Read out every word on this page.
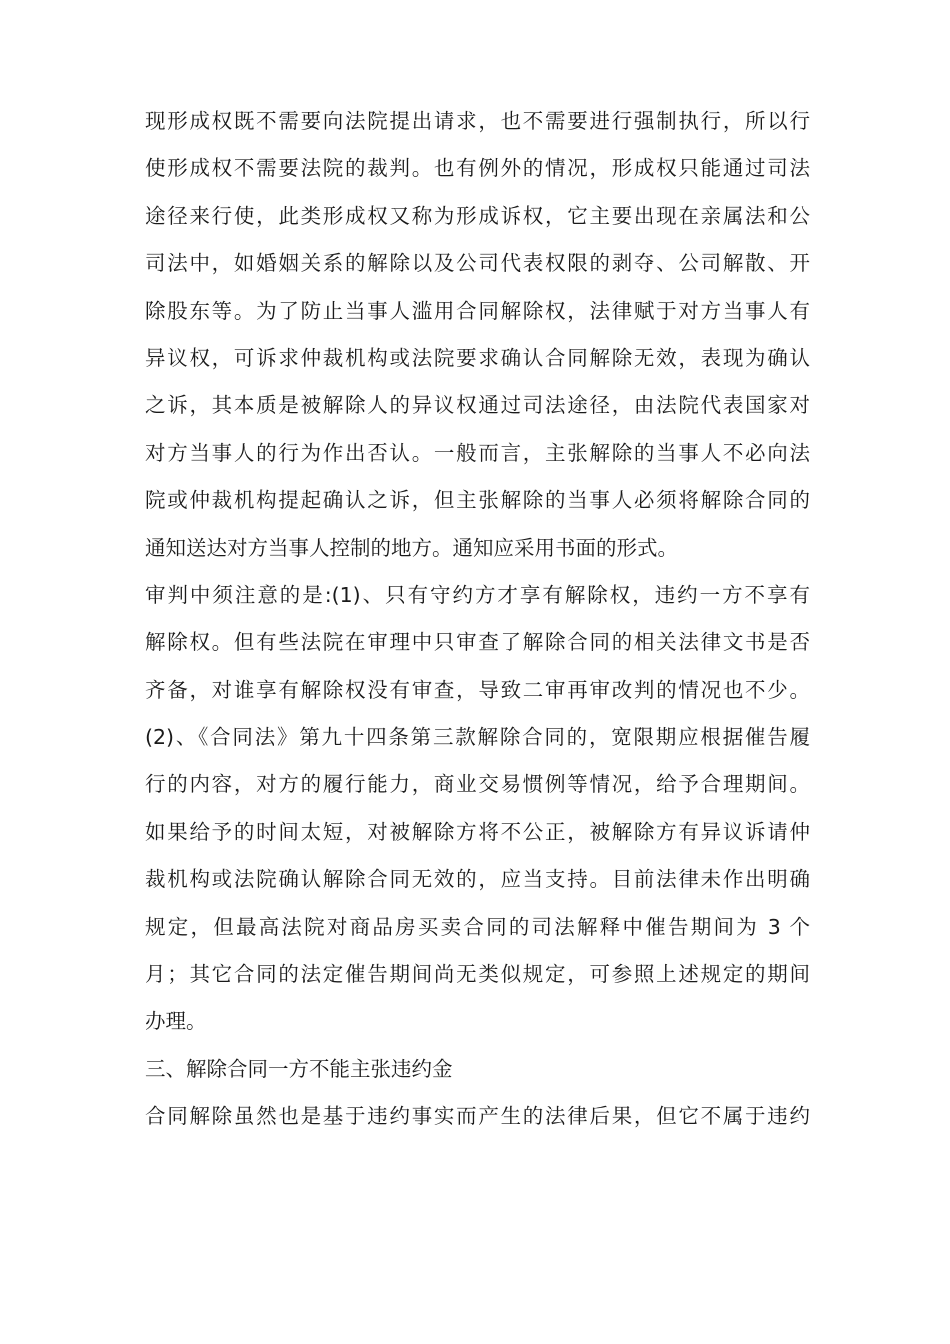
现形成权既不需要向法院提出请求，也不需要进行强制执行，所以行
使形成权不需要法院的裁判。也有例外的情况，形成权只能通过司法
途径来行使，此类形成权又称为形成诉权，它主要出现在亲属法和公
司法中，如婚姻关系的解除以及公司代表权限的剥夺、公司解散、开
除股东等。为了防止当事人滥用合同解除权，法律赋于对方当事人有
异议权，可诉求仲裁机构或法院要求确认合同解除无效，表现为确认
之诉，其本质是被解除人的异议权通过司法途径，由法院代表国家对
对方当事人的行为作出否认。一般而言，主张解除的当事人不必向法
院或仲裁机构提起确认之诉，但主张解除的当事人必须将解除合同的
通知送达对方当事人控制的地方。通知应采用书面的形式。
审判中须注意的是:(1)、只有守约方才享有解除权，违约一方不享有
解除权。但有些法院在审理中只审查了解除合同的相关法律文书是否
齐备，对谁享有解除权没有审查，导致二审再审改判的情况也不少。
(2)、《合同法》第九十四条第三款解除合同的，宽限期应根据催告履
行的内容，对方的履行能力，商业交易惯例等情况，给予合理期间。
如果给予的时间太短，对被解除方将不公正，被解除方有异议诉请仲
裁机构或法院确认解除合同无效的，应当支持。目前法律未作出明确
规定，但最高法院对商品房买卖合同的司法解释中催告期间为 3 个
月；其它合同的法定催告期间尚无类似规定，可参照上述规定的期间
办理。
三、解除合同一方不能主张违约金
合同解除虽然也是基于违约事实而产生的法律后果，但它不属于违约
